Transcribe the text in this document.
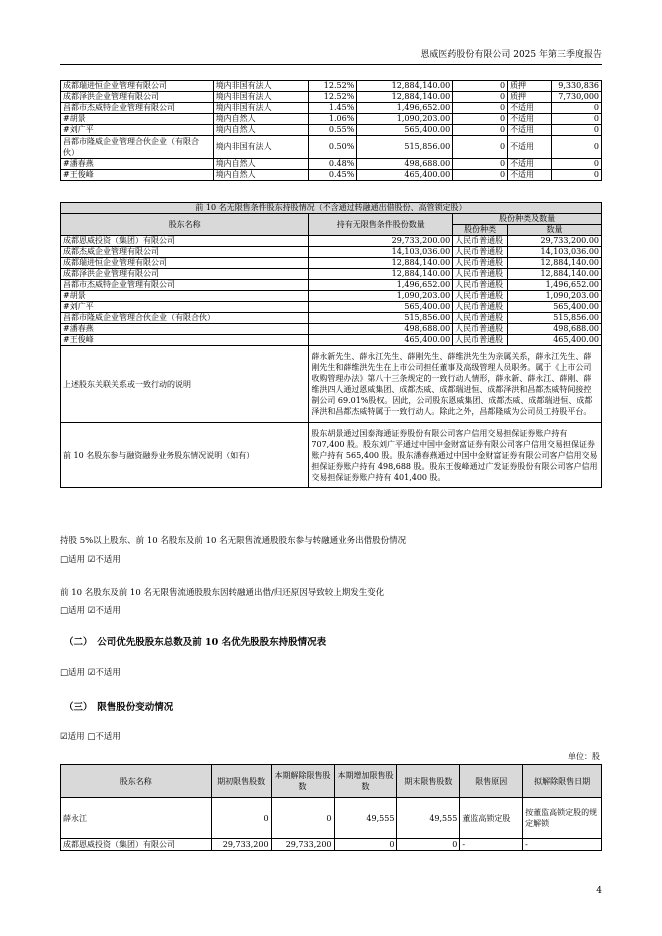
恩威医药股份有限公司 2025 年第三季度报告
成都瑞进恒企业管理有限公司	境内非国有法人	12.52%	12,884,140.00	0	质押	9,330,836
成都泽洪企业管理有限公司	境内非国有法人	12.52%	12,884,140.00	0	质押	7,730,000
昌都市杰威特企业管理有限公司	境内非国有法人	1.45%	1,496,652.00	0	不适用	0
#胡景	境内自然人	1.06%	1,090,203.00	0	不适用	0
#刘广平	境内自然人	0.55%	565,400.00	0	不适用	0
昌都市隆威企业管理合伙企业（有限合伙）	境内非国有法人	0.50%	515,856.00	0	不适用	0
#潘春燕	境内自然人	0.48%	498,688.00	0	不适用	0
#王俊峰	境内自然人	0.45%	465,400.00	0	不适用	0
前 10 名无限售条件股东持股情况（不含通过转融通出借股份、高管锁定股）			
股东名称	持有无限售条件股份数量	股份种类及数量	
		股份种类	数量
成都恩威投资（集团）有限公司	29,733,200.00	人民币普通股	29,733,200.00
成都杰威企业管理有限公司	14,103,036.00	人民币普通股	14,103,036.00
成都瑞进恒企业管理有限公司	12,884,140.00	人民币普通股	12,884,140.00
成都泽洪企业管理有限公司	12,884,140.00	人民币普通股	12,884,140.00
昌都市杰威特企业管理有限公司	1,496,652.00	人民币普通股	1,496,652.00
#胡景	1,090,203.00	人民币普通股	1,090,203.00
#刘广平	565,400.00	人民币普通股	565,400.00
昌都市隆威企业管理合伙企业（有限合伙）	515,856.00	人民币普通股	515,856.00
#潘春燕	498,688.00	人民币普通股	498,688.00
#王俊峰	465,400.00	人民币普通股	465,400.00
上述股东关联关系或一致行动的说明	薛永新先生、薛永江先生、薛刚先生、薛维洪先生为亲属关系，薛永江先生、薛刚先生和薛维洪先生在上市公司担任董事及高级管理人员职务。属于《上市公司收购管理办法》第八十三条规定的一致行动人情形，薛永新、薛永江、薛刚、薛维洪四人通过恩威集团、成都杰威、成都瑞进恒、成都泽洪和昌都杰威特间接控制公司 69.01%股权。因此，公司股东恩威集团、成都杰威、成都瑞进恒、成都泽洪和昌都杰威特属于一致行动人。除此之外，昌都隆威为公司员工持股平台。		
前 10 名股东参与融资融券业务股东情况说明（如有）	股东胡景通过国泰海通证券股份有限公司客户信用交易担保证券账户持有 707,400 股。股东刘广平通过中国中金财富证券有限公司客户信用交易担保证券账户持有 565,400 股。股东潘春燕通过中国中金财富证券有限公司客户信用交易担保证券账户持有 498,688 股。股东王俊峰通过广发证券股份有限公司客户信用交易担保证券账户持有 401,400 股。		
持股 5%以上股东、前 10 名股东及前 10 名无限售流通股股东参与转融通业务出借股份情况
□适用 ☑不适用
前 10 名股东及前 10 名无限售流通股股东因转融通出借/归还原因导致较上期发生变化
□适用 ☑不适用
（二）　公司优先股股东总数及前 10 名优先股股东持股情况表
□适用 ☑不适用
（三）　限售股份变动情况
☑适用 □不适用
单位：股
股东名称	期初限售股数	本期解除限售股数	本期增加限售股数	期末限售股数	限售原因	拟解除限售日期
薛永江	0	0	49,555	49,555	董监高锁定股	按董监高锁定股的规定解锁
成都恩威投资（集团）有限公司	29,733,200	29,733,200	0	0	-	-
4
